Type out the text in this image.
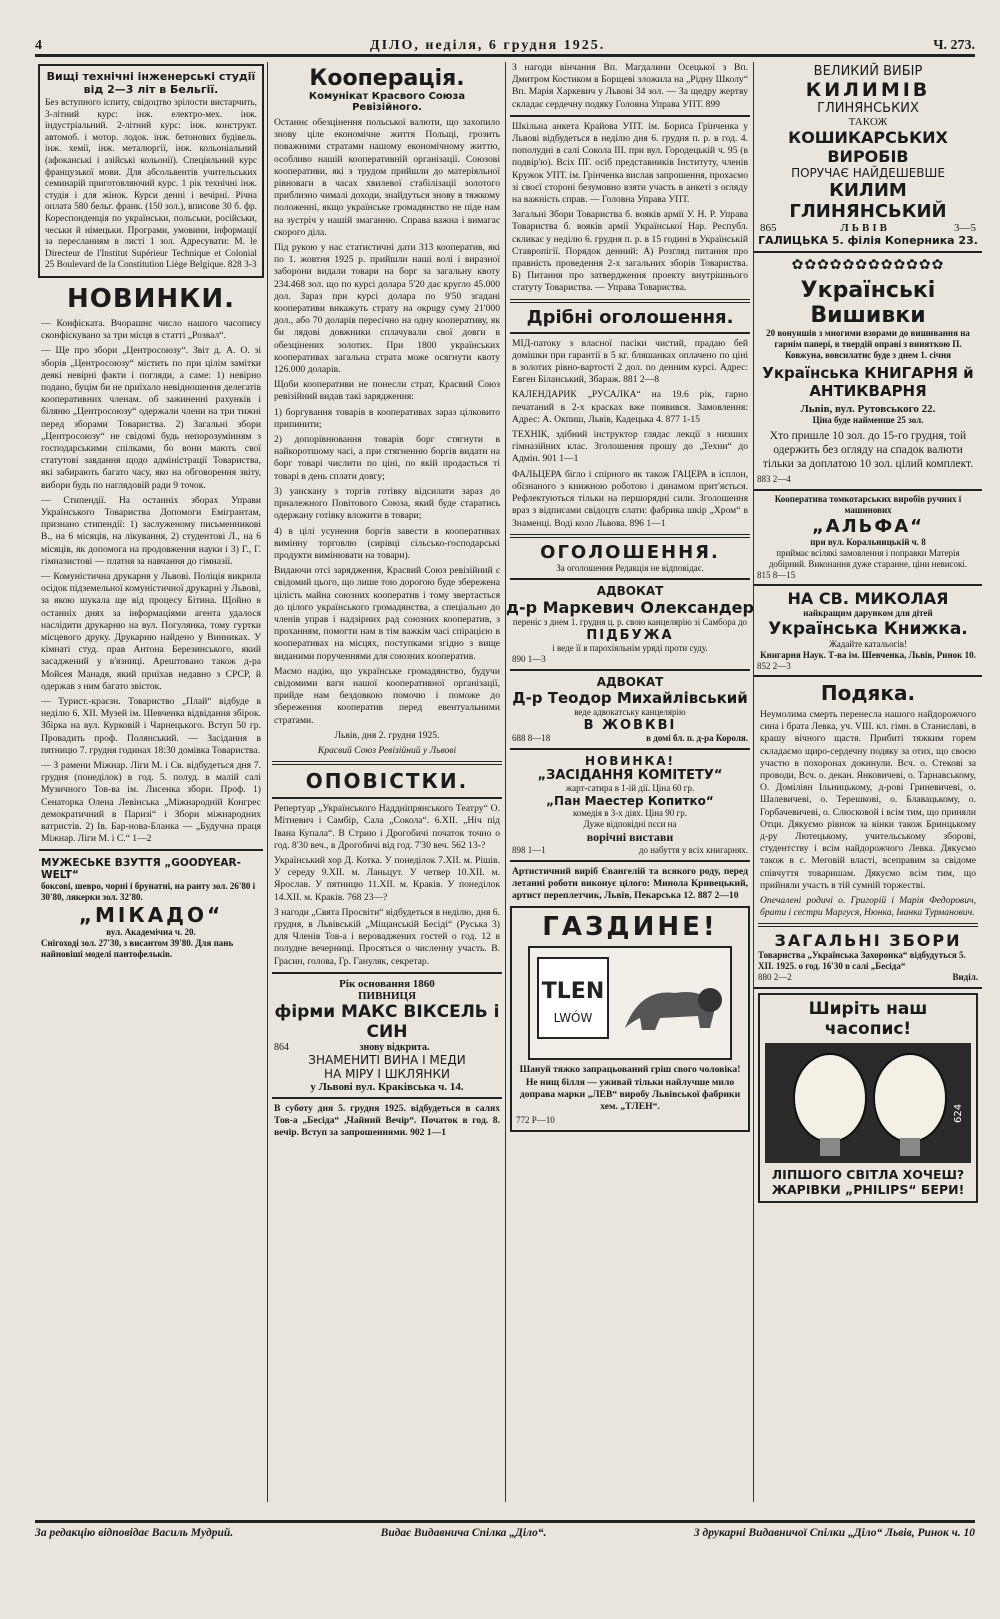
4	ДІЛО, неділя, 6 грудня 1925.	Ч. 273.
Вищі технічні інженерські студії
від 2—3 літ в Бельгії.
Без вступного іспиту, свідоцтво зрілости вистарчить, 3-літний курс: інж. електро-мех. інж. індустріальний. 2-літний курс: інж. конструкт. автомоб. і мотор. лодок. інж. бетонових будівель. інж. хемії, інж. металюргії, інж. кольоніальний (афоканські і азійські кольонії). Спеціяльний курс французької мови. Для абсольвентів учительських семинарій приготовляючий курс. 1 рік технічні інж. студія і для жінок. Курси денні і вечірні. Річна оплата 580 бельг. франк. (150 зол.), вписове 30 б. фр. Кореспонденція по українськи, польськи, російськи, чеськи й німецьки. Програми, умовини, інформації за пересланням в листі 1 зол. Адресувати: M. le Directeur de l'Institut Supérieur Technique et Colonial 25 Boulevard de la Constitution Liège Belgique. 828 3-3
НОВИНКИ.

— Конфіската. Вчорашнє число нашого часопису сконфіскувано за три місця в статті „Розвал“.

— Ще про збори „Центросоюзу“. Звіт д. А. О. зі зборів „Центросоюзу“ містить по при цілім замітки деякі невірні факти і погляди, а саме: 1) невірно подано, буцім би не приїхало невідношення делегатів кооперативних членам. об зажиненні рахунків і біляню „Центросоюзу“ одержали члени на три тижні перед зборами Товариства. 2) Загальні збори „Центросоюзу“ не свідомі будь непорозумінням з господарськими спілками, бо вони мають свої статутові завдання щодо адміністрації Товариства, які забирають багато часу, яко на обговорення звіту, вибори будь по наглядовій ради 9 точок.

— Стипендії. На останніх зборах Управи Українського Товариства Допомоги Емігрантам, признано стипендії: 1) заслуженому письменникові В., на 6 місяців, на лікування, 2) студентові Л., на 6 місяців, як допомога на продовження науки і 3) Г., Г. гімназистові — платня за навчання до гімназії.

— Комуністична друкарня у Львові. Поліція викрила осідок підземельної комуністичної друкарні у Львові, за якою шукала ще від процесу Бітина. Щойно в останніх днях за інформаціями агента удалося наслідити друкарню на вул. Погулянка, тому гуртки місцевого друку. Друкарню найдено у Винниках. У кімнаті студ. прав Антона Березинського, який засаджений у в'язниці. Арештовано також д-ра Мойсея Манадя, який приїхав недавно з СРСР, й одержав з ним багато звісток.

— Турист.-краєзн. Товариство „Плай“ відбуде в неділю 6. XII. Музей ім. Шевченка відвідання збірок. Збірка на вул. Курковій і Чарнецького. Вступ 50 гр. Провадить проф. Полянський. — Засідання в пятницю 7. грудня годинах 18:30 домівка Товариства.

— З рамени Міжнар. Ліги М. і Св. відбудеться дня 7. грудня (понеділок) в год. 5. полуд. в малій салі Музичного Тов-ва ім. Лисенка збори. Проф. 1) Сенаторка Олена Левінська „Міжнародній Конгрес демократичний в Паризі“ і Збори міжнародних ватристів. 2) Ів. Бар-нова-Бланка — „Будучна праця Міжнар. Ліги М. і С.“ 1—2

МУЖЕСЬКЕ ВЗУТТЯ „GOODYEAR-WELT“
боксові, шевро, чорні і брунатні, на ранту зол. 26'80 і 30'80, лякерки зол. 32'80.
„МІКАДО“
вул. Академічна ч. 20.
Снігоході зол. 27'30, з висантом 39'80. Для пань найновіші моделі пантофельків.
Кооперація.
Комунікат Красвого Союза Ревізійного.

Останнє обезцінення польської валюти, що захопило знову ціле економічне життя Польщі, грозить поважними стратами нашому економічному життю, особливо нашій кооперативній організації. Союзові кооперативи, які з трудом прийшли до матеріяльної рівноваги в часах хвилевої стабілізації золотого приблизно чималі доходи, знайдуться знову в тяжкому положенні, якщо українське громадянство не піде нам на зустріч у нашій змаганню. Справа важна і вимагає скорого діла.

Під рукою у нас статистичні дати 313 кооператив, які по 1. жовтня 1925 р. прийшли наші волі і виразної заборони видали товари на борг за загальну квоту 234.468 зол. що по курсі долара 5'20 дає круглo 45.000 дол. Зараз при курсі долара по 9'50 згадані кооперативи викажуть страту на окрugу суму 21'000 дол., або 70 доларів пересічно на одну кооперативу, як би лядові довжники сплачували свої довги в обезцінених золотих. При 1800 українських кооперативах загальна страта може осягнути квоту 126.000 доларів.

Щоби кооперативи не понесли страт, Красвий Союз ревізійний видав такі зарядження:

1) боргування товарів в кооперативах зараз цілковито припинити;

2) допорівнювання товарів борг стягнути в найкоротшому часі, а при стягненню боргів видати на борг товарі числити по ціні, по якій продається ті товарі в день сплати довгу;

3) уанскану з торгів готівку відсилати зараз до прналежного Повітового Союза, який буде старатись одержану готівку вложити в товари;

4) в цілі усунення боргів завести в кооперативах вимінну торговлю (сирівці сільсько-господарські продукти вимінювати на товари).

Видаючи отсі зарядження, Красвий Союз ревізійний є свідомий цього, що лише тою дорогою буде збережена цілість майна союзних кооператив і тому звертається до цілого українського громадянства, а спеціально до членів управ і надзірних рад союзних кооператив, з проханням, помогти нам в тім важкім часі спірацією в кооперативах на місцях, поступками згідно з вище виданими порученнями для союзних кооператив.

Маємо надію, що українське громадянство, будучи свідомими ваги нашої кооперативної організації, прийде нам бездовкою помочю і поможе до збереження кооператив перед евентуальними стратами.

Львів, дня 2. грудня 1925.
Красвий Союз Ревізійний у Львові
ОПОВІСТКИ.

Репертуар „Українського Наддніпрянського Театру“ О. Мітневич і Самбір, Сала „Сокола“. 6.XII. „Ніч під Івана Купала“. В Стрию і Дрогобичі початок точно о год. 8'30 веч., в Дрогобичі від год. 7'30 веч. 562 13-?

Український хор Д. Котка. У понеділок 7.XII. м. Рішів. У середу 9.XII. м. Ланьцут. У четвер 10.XII. м. Ярослав. У пятницю 11.XII. м. Краків. У понеділок 14.XII. м. Краків. 768 23—?

З нагоди „Свята Просвіти“ відбудеться в неділю, дня 6. грудня, в Львівській „Міщанській Бесіді“ (Руська 3) для Членів Тов-а і вероваджених гостей о год. 12 в полудне вечерниці. Просяться о численну участь. В. Грасин, голова, Гр. Гануляк, секретар.

Рік основання 1860
ПИВНИЦЯ
фірми МАКС ВІКСЕЛЬ і СИН
864	знову відкрита.
ЗНАМЕНИТІ ВИНА І МЕДИ
НА МІРУ І ШКЛЯНКИ
у Львові вул. Краківська ч. 14.

В суботу дня 5. грудня 1925. відбудеться в салях Тов-а „Бесіда“ „Чайний Вечір“. Початок в год. 8. вечір. Вступ за запрошеннями. 902 1—1

З нагоди вінчання Вп. Магдалини Осецької з Вп. Дмитром Костиком в Борщеві зложила на „Рідну Школу“ Вп. Марія Харкевич у Львові 34 зол. — За щедру жертву складає сердечну подяку Головна Управа УПТ. 899

Шкільна анкета Крайова УПТ. ім. Бориса Грінченка у Львові відбудеться в неділю дня 6. грудня п. р. в год. 4. пополудні в салі Сокола III. при вул. Городецькій ч. 95 (в подвір'ю). Всіх ПГ. осіб представників Інституту, членів Кружок УПТ. ім. Грінченка вислав запрошення, прохаємо зі своєї стороні безумовно взяти участь в анкеті з огляду на важність справ. — Головна Управа УПТ.

Загальні Збори Товариства б. вояків армії У. Н. Р. Управа Товариства б. вояків армії Української Нар. Республ. скликає у неділю 6. грудня п. р. в 15 годині в Українській Ставропігії. Порядок денний: А) Розгляд питання про правність проведення 2-х загальних зборів Товариства. Б) Питання про затвердження проекту внутрішнього статуту Товариства. — Управа Товариства.

Дрібні оголошення.

МІД-патоку з власної пасіки чистий, прадаю бей домішки при гарантії в 5 кг. бляшанках оплачено по ціні в золотих рівно-вартості 2 дол. по денним курсі. Адрес: Евген Біланський, Збараж. 881 2—8

КАЛЕНДАРИК „РУСАЛКА“ на 19.6 рік, гарно печатаний в 2-х красках вже появився. Замовлення: Адрес: А. Окпиш, Львів, Кадецька 4. 877 1-15

ТЕХНІК, здібний інструктор глядає лекції з низших гімназійних клас. Зголошення прошу до „Техни“ до Адмін. 901 1—1

ФАЛЬЦЕРА бігло і спірного як також ГАЦЕРА в ісплон, обізнаного з книжною роботою і динамом прит'яється. Рефлектуються тільки на першорядні сили. Зголошення враз з відписами свідоцтв слати: фабрика шкір „Хром“ в Знаменці. Воді коло Львова. 896 1—1

ОГОЛОШЕННЯ.
За оголошення Редакція не відповідає.
АДВОКАТ
д-р Маркевич Олександер
переніс з днем 1. грудня ц. р. свою канцелярію зі Самбора до
ПІДБУЖА
і веде її в парохіяльнім уряді проти суду.
890 1—3
АДВОКАТ
Д-р Теодор Михайлівський
веде адвокатську канцелярію
В ЖОВКВІ
688 8—18	в домі бл. п. д-ра Короля.
НОВИНКА!
„ЗАСІДАННЯ КОМІТЕТУ“
жарт-сатира в 1-ій дії. Ціна 60 гр.
„Пан Маестер Копитко“
комедія в 3-х діях. Ціна 90 гр.
Дуже відповідні пєси на
ворічні вистави
898 1—1	до набуття у всіх книгарнях.

Артистичний виріб Євангелій та всякого роду, перед летанні роботи виконує цілого: Минола Кривецький, артист переплетчик, Львів, Пекарська 12. 887 2—10

ГАЗДИНЕ!
TLEN
LWÓW

Шануй тяжко запрацьований гріш свого чоловіка! Не нищ білля — уживай тільки найлучше мило доправа марки „ЛЕВ“ виробу Львівської фабрики хем. „TЛЕН“.

772 Р—10
ВЕЛИКИЙ ВИБІР
КИЛИМІВ
ГЛИНЯНСЬКИХ
ТАКОЖ
КОШИКАРСЬКИХ ВИРОБІВ
ПОРУЧАЄ НАЙДЕШЕВШЕ
КИЛИМ ГЛИНЯНСЬКИЙ
865	ЛЬВІВ	3—5
ГАЛИЦЬКА 5. філія Коперника 23.
✿✿✿✿✿✿✿✿✿✿✿✿
Українські Вишивки
20 вонуишів з многими взорами до вишивання на гарнім папері, в твердій оправі з виняткою П. Ковжуна, вовсилатис буде з днем 1. січня
Українська КНИГАРНЯ й АНТИКВАРНЯ
Львів, вул. Рутовського 22.
Ціна буде найменше 25 зол.
Хто пришле 10 зол. до 15-го грудня, той одержить без огляду на спадок валюти тільки за доплатою 10 зол. цілий комплект.
883 2—4
Кооператива томкотарських виробів ручних і машинових
„АЛЬФА“
при вул. Коральницькій ч. 8
приймає всілякі замовлення і поправки Матерія добірний. Виконання дуже старанне, ціни невисокі.
815 8—15
НА СВ. МИКОЛАЯ
найкращим дарунком для дітей
Українська Книжка.
Жадайте катальогів!
Книгарня Наук. Т-ва ім. Шевченка, Львів, Ринок 10.
852 2—3
Подяка.

Неумолима смерть перенесла нашого найдорожчого сина і брата Левка, уч. VIII. кл. гімн. в Станиславі, в крашу вічного щастя. Прибиті тяжким горем складаємо щиро-сердечну подяку за отих, що своєю участю в похоронах докинули. Всч. о. Стекові за проводи, Всч. о. декан. Янковичеві, о. Тарнавському, О. Доміліян Ільницькому, д-рові Гриневичеві, о. Шалевичеві, о. Терешкові, о. Блавацькому, о. Горбачевичеві, о. Слюсковой і всім тим, що приняли Отци. Дякуємо рівнож за вінки також Бринцькому д-ру Лютецькому, учительському зборові, студентству і всім найдорожчого Левка. Дякуємо також в с. Меговій власті, всеправим за свідоме співчуття товаришам. Дякуємо всім тим, що прийняли участь в тій сумній торжестві.

Опечалені родичі о. Григорій і Марія Федорович, брати і сестри Маргуся, Нюнка, Іванка Турманович.

ЗАГАЛЬНІ ЗБОРИ
Товариства „Українська Захоронка“ відбудуться 5. XII. 1925. о год. 16'30 в салі „Бесіда“
880 2—2	Виділ.
Ширіть наш часопис!
624
ЛІПШОГО СВІТЛА ХОЧЕШ?
ЖАРІВКИ „PHILIPS“ БЕРИ!
За редакцію відповідає Василь Мудрий.	Видає Видавнича Спілка „Діло“.	З друкарні Видавничої Спілки „Діло“ Львів, Ринок ч. 10
